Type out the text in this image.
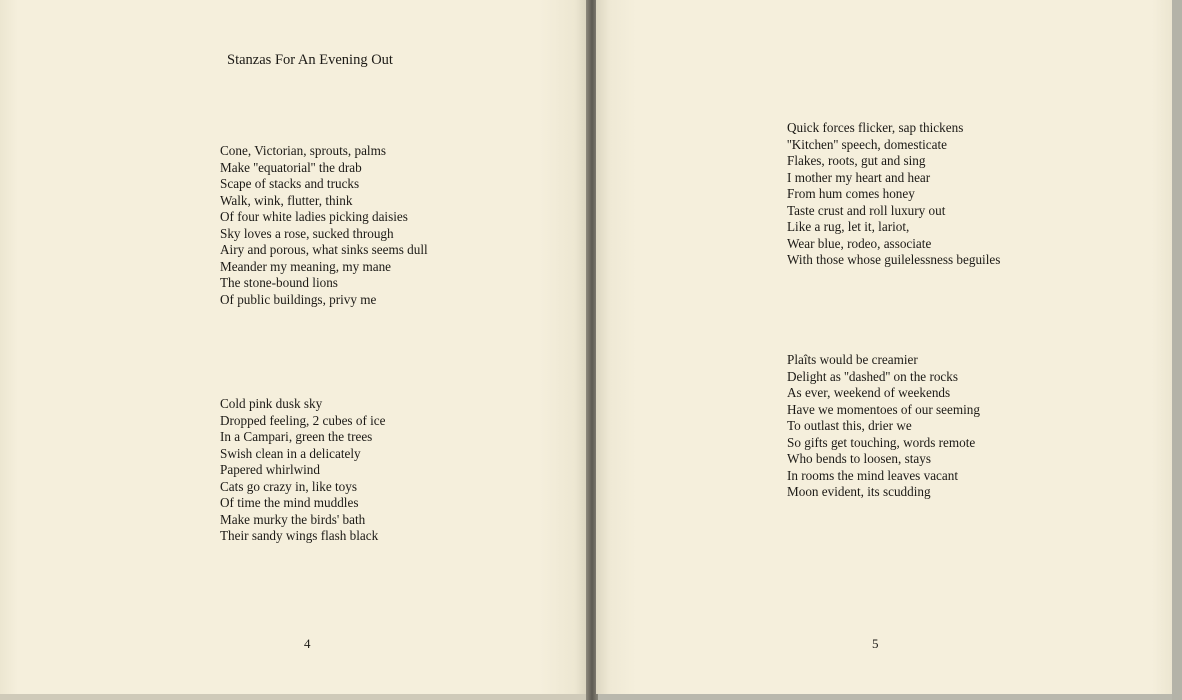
Stanzas For An Evening Out
Cone, Victorian, sprouts, palms
Make ''equatorial'' the drab
Scape of stacks and trucks
Walk, wink, flutter, think
Of four white ladies picking daisies
Sky loves a rose, sucked through
Airy and porous, what sinks seems dull
Meander my meaning, my mane
The stone-bound lions
Of public buildings, privy me
Cold pink dusk sky
Dropped feeling, 2 cubes of ice
In a Campari, green the trees
Swish clean in a delicately
Papered whirlwind
Cats go crazy in, like toys
Of time the mind muddles
Make murky the birds' bath
Their sandy wings flash black
4
Quick forces flicker, sap thickens
''Kitchen'' speech, domesticate
Flakes, roots, gut and sing
I mother my heart and hear
From hum comes honey
Taste crust and roll luxury out
Like a rug, let it, lariot,
Wear blue, rodeo, associate
With those whose guilelessness beguiles
Plaîts would be creamier
Delight as ''dashed'' on the rocks
As ever, weekend of weekends
Have we momentoes of our seeming
To outlast this, drier we
So gifts get touching, words remote
Who bends to loosen, stays
In rooms the mind leaves vacant
Moon evident, its scudding
5
